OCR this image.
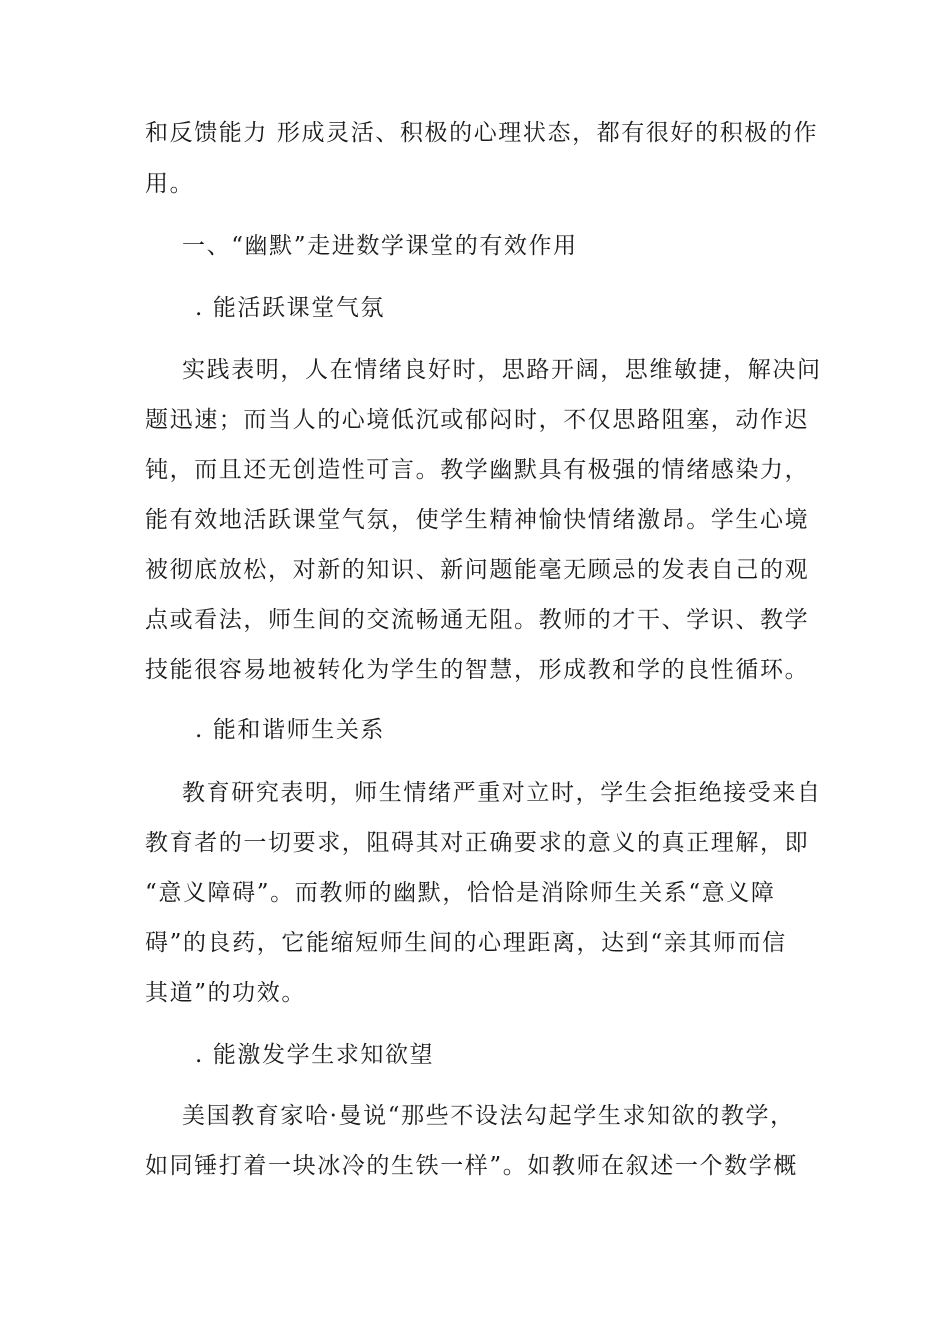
和反馈能力 形成灵活、积极的心理状态，都有很好的积极的作
用。
一、“幽默”走进数学课堂的有效作用
. 能活跃课堂气氛
实践表明，人在情绪良好时，思路开阔，思维敏捷，解决问
题迅速；而当人的心境低沉或郁闷时，不仅思路阻塞，动作迟
钝，而且还无创造性可言。教学幽默具有极强的情绪感染力，
能有效地活跃课堂气氛，使学生精神愉快情绪激昂。学生心境
被彻底放松，对新的知识、新问题能毫无顾忌的发表自己的观
点或看法，师生间的交流畅通无阻。教师的才干、学识、教学
技能很容易地被转化为学生的智慧，形成教和学的良性循环。
. 能和谐师生关系
教育研究表明，师生情绪严重对立时，学生会拒绝接受来自
教育者的一切要求，阻碍其对正确要求的意义的真正理解，即
“意义障碍”。而教师的幽默，恰恰是消除师生关系“意义障
碍”的良药，它能缩短师生间的心理距离，达到“亲其师而信
其道”的功效。
. 能激发学生求知欲望
美国教育家哈·曼说“那些不设法勾起学生求知欲的教学，
如同锤打着一块冰冷的生铁一样”。如教师在叙述一个数学概
